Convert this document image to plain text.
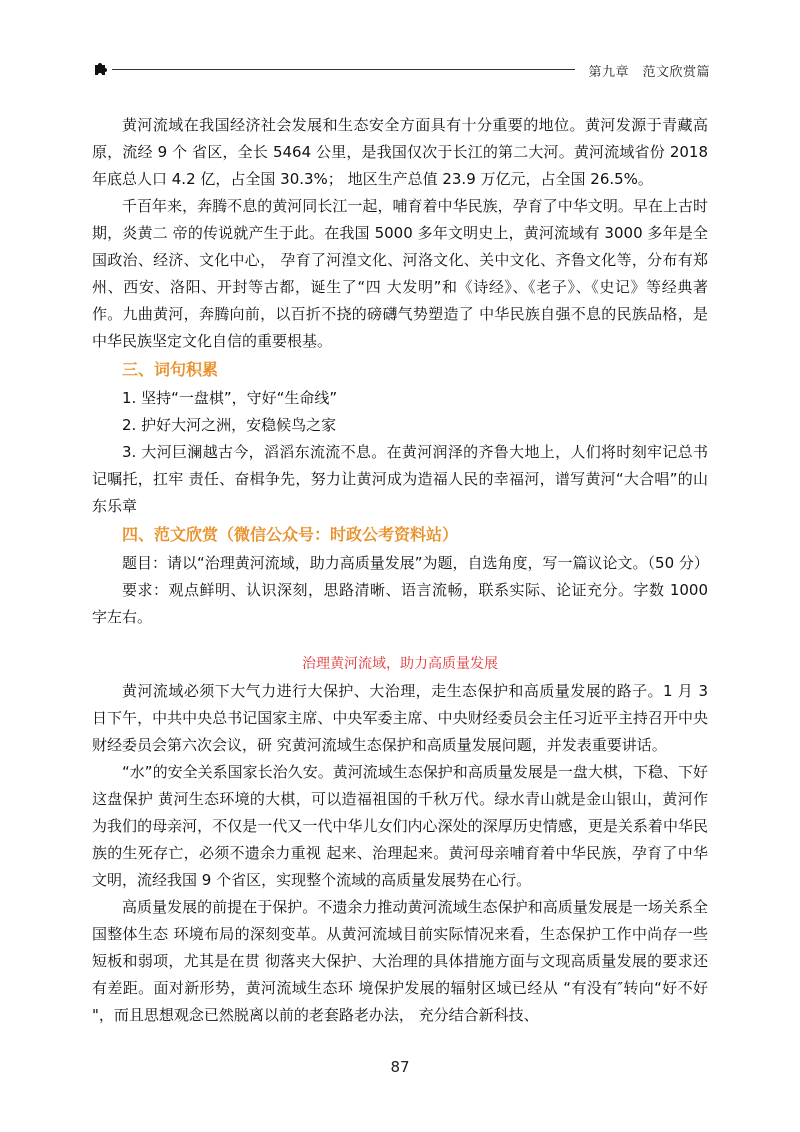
第九章　范文欣赏篇

黄河流域在我国经济社会发展和生态安全方面具有十分重要的地位。黄河发源于青藏高原，流经 9 个 省区，全长 5464 公里，是我国仅次于长江的第二大河。黄河流域省份 2018 年底总人口 4.2 亿，占全国 30.3%； 地区生产总值 23.9 万亿元，占全国 26.5%。

千百年来，奔腾不息的黄河同长江一起，哺育着中华民族，孕育了中华文明。早在上古时期，炎黄二 帝的传说就产生于此。在我国 5000 多年文明史上，黄河流域有 3000 多年是全国政治、经济、文化中心， 孕育了河湟文化、河洛文化、关中文化、齐鲁文化等，分布有郑州、西安、洛阳、开封等古都，诞生了“四 大发明”和《诗经》、《老子》、《史记》等经典著作。九曲黄河，奔腾向前，以百折不挠的磅礴气势塑造了 中华民族自强不息的民族品格，是中华民族坚定文化自信的重要根基。

三、词句积累

1. 坚持“一盘棋”，守好“生命线”

2. 护好大河之洲，安稳候鸟之家

3. 大河巨澜越古今，滔滔东流流不息。在黄河润泽的齐鲁大地上，人们将时刻牢记总书记嘱托，扛牢 责任、奋楫争先，努力让黄河成为造福人民的幸福河，谱写黄河“大合唱”的山东乐章

四、范文欣赏（微信公众号：时政公考资料站）

题目：请以“治理黄河流域，助力高质量发展”为题，自选角度，写一篇议论文。（50 分）

要求：观点鲜明、认识深刻，思路清晰、语言流畅，联系实际、论证充分。字数 1000 字左右。

治理黄河流域，助力高质量发展

黄河流域必须下大气力进行大保护、大治理，走生态保护和高质量发展的路子。1 月 3 日下午，中共中央总书记国家主席、中央军委主席、中央财经委员会主任习近平主持召开中央财经委员会第六次会议，研 究黄河流域生态保护和高质量发展问题，并发表重要讲话。

“水”的安全关系国家长治久安。黄河流域生态保护和高质量发展是一盘大棋，下稳、下好这盘保护 黄河生态环境的大棋，可以造福祖国的千秋万代。绿水青山就是金山银山，黄河作为我们的母亲河，不仅是一代又一代中华儿女们内心深处的深厚历史情感，更是关系着中华民族的生死存亡，必须不遗余力重视 起来、治理起来。黄河母亲哺育着中华民族，孕育了中华文明，流经我国 9 个省区，实现整个流域的高质量发展势在心行。

高质量发展的前提在于保护。不遗余力推动黄河流域生态保护和高质量发展是一场关系全国整体生态 环境布局的深刻变革。从黄河流域目前实际情况来看，生态保护工作中尚存一些短板和弱项，尤其是在贯 彻落夹大保护、大治理的具体措施方面与文现高质量发展的要求还有差距。面对新形势，黄河流域生态环 境保护发展的辐射区域已经从 “有没有″转向“好不好 "，而且思想观念已然脱离以前的老套路老办法， 充分结合新科技、

87
